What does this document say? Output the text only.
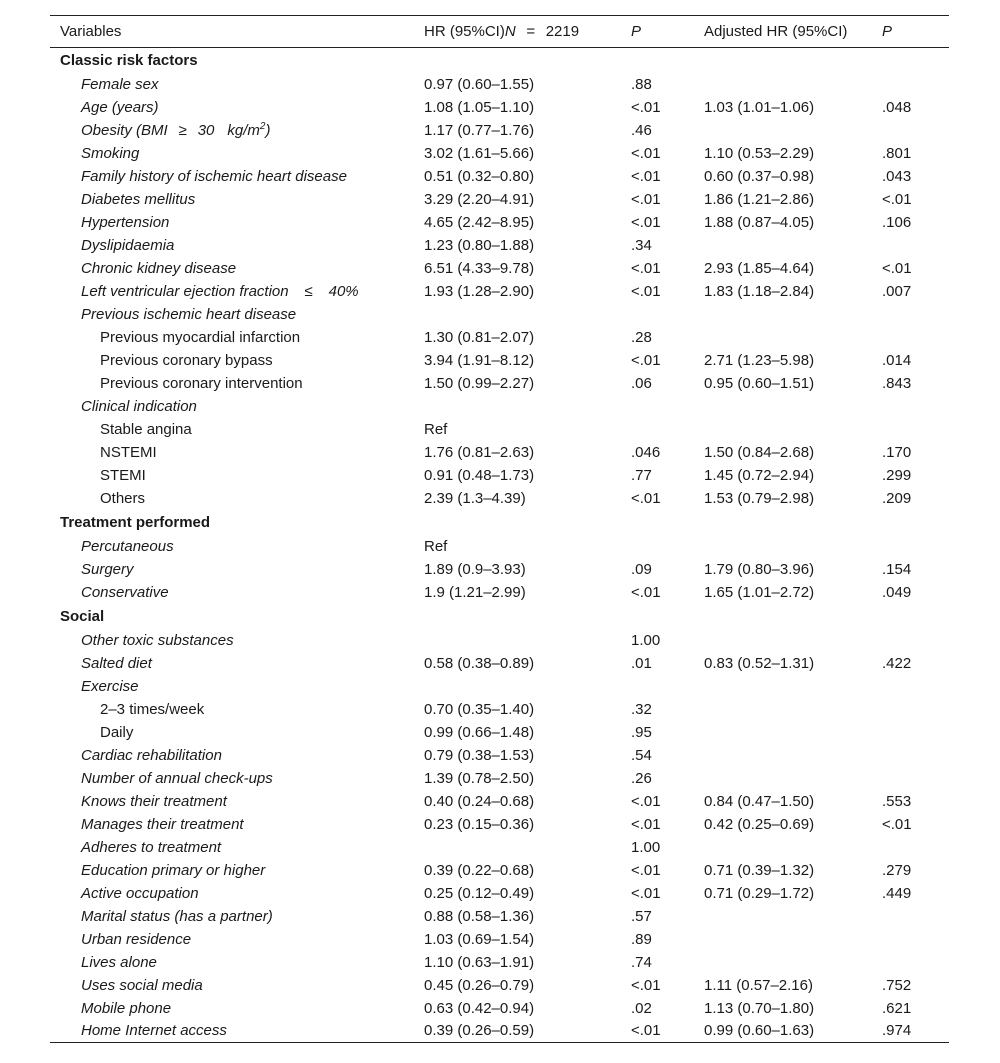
Variables	HR (95%CI)N = 2219	P	Adjusted HR (95%CI)	P
Classic risk factors				
Female sex	0.97 (0.60–1.55)	.88		
Age (years)	1.08 (1.05–1.10)	<.01	1.03 (1.01–1.06)	.048
Obesity (BMI ≥ 30 $kg/m^2$)	1.17 (0.77–1.76)	.46		
Smoking	3.02 (1.61–5.66)	<.01	1.10 (0.53–2.29)	.801
Family history of ischemic heart disease	0.51 (0.32–0.80)	<.01	0.60 (0.37–0.98)	.043
Diabetes mellitus	3.29 (2.20–4.91)	<.01	1.86 (1.21–2.86)	<.01
Hypertension	4.65 (2.42–8.95)	<.01	1.88 (0.87–4.05)	.106
Dyslipidaemia	1.23 (0.80–1.88)	.34		
Chronic kidney disease	6.51 (4.33–9.78)	<.01	2.93 (1.85–4.64)	<.01
Left ventricular ejection fraction ≤ 40%	1.93 (1.28–2.90)	<.01	1.83 (1.18–2.84)	.007
Previous ischemic heart disease				
Previous myocardial infarction	1.30 (0.81–2.07)	.28		
Previous coronary bypass	3.94 (1.91–8.12)	<.01	2.71 (1.23–5.98)	.014
Previous coronary intervention	1.50 (0.99–2.27)	.06	0.95 (0.60–1.51)	.843
Clinical indication				
Stable angina	Ref			
NSTEMI	1.76 (0.81–2.63)	.046	1.50 (0.84–2.68)	.170
STEMI	0.91 (0.48–1.73)	.77	1.45 (0.72–2.94)	.299
Others	2.39 (1.3–4.39)	<.01	1.53 (0.79–2.98)	.209
Treatment performed				
Percutaneous	Ref			
Surgery	1.89 (0.9–3.93)	.09	1.79 (0.80–3.96)	.154
Conservative	1.9 (1.21–2.99)	<.01	1.65 (1.01–2.72)	.049
Social				
Other toxic substances		1.00		
Salted diet	0.58 (0.38–0.89)	.01	0.83 (0.52–1.31)	.422
Exercise				
2–3 times/week	0.70 (0.35–1.40)	.32		
Daily	0.99 (0.66–1.48)	.95		
Cardiac rehabilitation	0.79 (0.38–1.53)	.54		
Number of annual check-ups	1.39 (0.78–2.50)	.26		
Knows their treatment	0.40 (0.24–0.68)	<.01	0.84 (0.47–1.50)	.553
Manages their treatment	0.23 (0.15–0.36)	<.01	0.42 (0.25–0.69)	<.01
Adheres to treatment		1.00		
Education primary or higher	0.39 (0.22–0.68)	<.01	0.71 (0.39–1.32)	.279
Active occupation	0.25 (0.12–0.49)	<.01	0.71 (0.29–1.72)	.449
Marital status (has a partner)	0.88 (0.58–1.36)	.57		
Urban residence	1.03 (0.69–1.54)	.89		
Lives alone	1.10 (0.63–1.91)	.74		
Uses social media	0.45 (0.26–0.79)	<.01	1.11 (0.57–2.16)	.752
Mobile phone	0.63 (0.42–0.94)	.02	1.13 (0.70–1.80)	.621
Home Internet access	0.39 (0.26–0.59)	<.01	0.99 (0.60–1.63)	.974
